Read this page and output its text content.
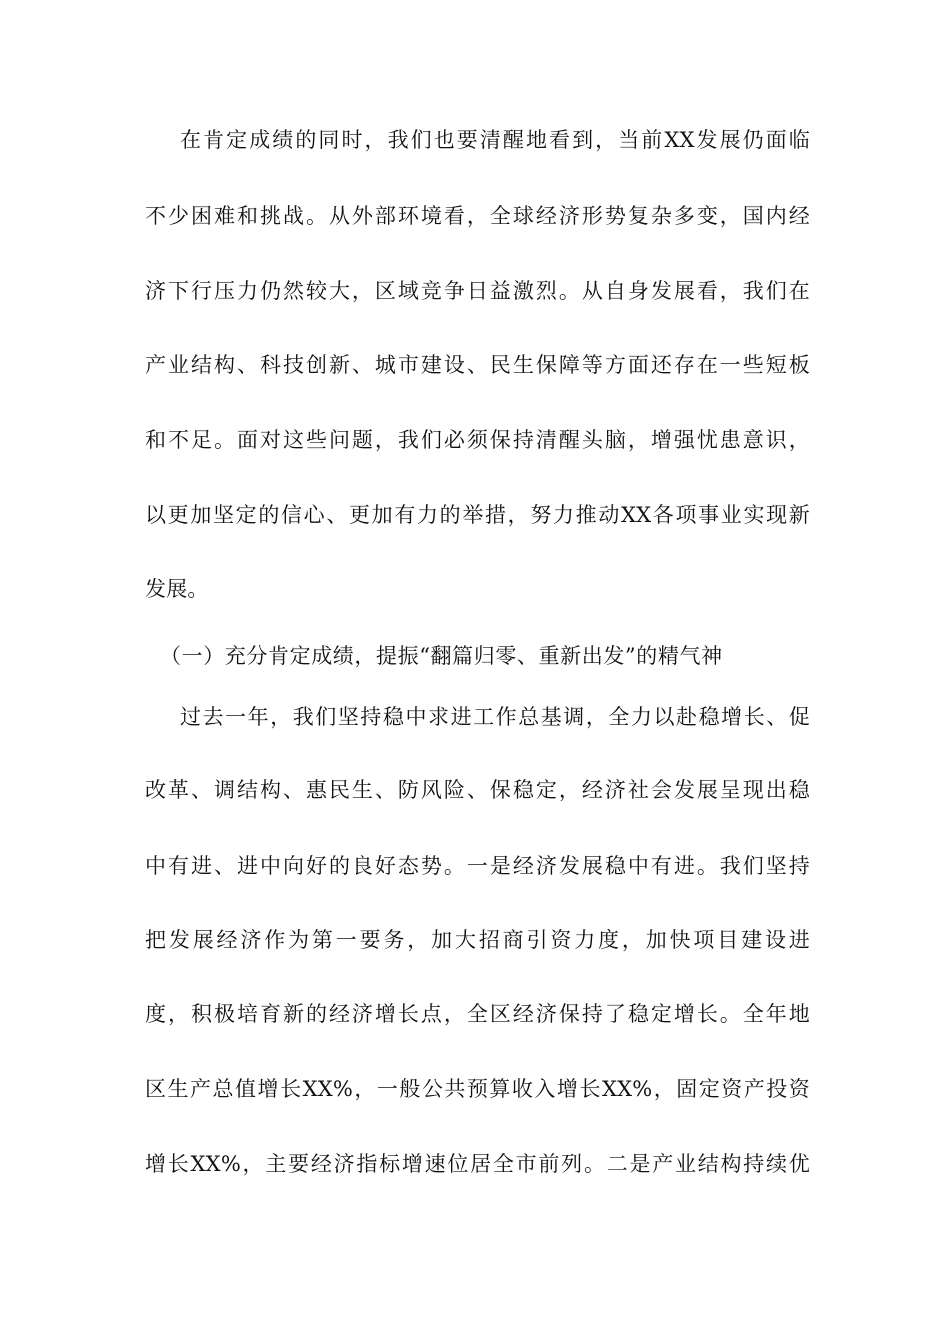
在肯定成绩的同时，我们也要清醒地看到，当前XX发展仍面临
不少困难和挑战。从外部环境看，全球经济形势复杂多变，国内经
济下行压力仍然较大，区域竞争日益激烈。从自身发展看，我们在
产业结构、科技创新、城市建设、民生保障等方面还存在一些短板
和不足。面对这些问题，我们必须保持清醒头脑，增强忧患意识，
以更加坚定的信心、更加有力的举措，努力推动XX各项事业实现新
发展。
（一）充分肯定成绩，提振“翻篇归零、重新出发”的精气神
过去一年，我们坚持稳中求进工作总基调，全力以赴稳增长、促
改革、调结构、惠民生、防风险、保稳定，经济社会发展呈现出稳
中有进、进中向好的良好态势。一是经济发展稳中有进。我们坚持
把发展经济作为第一要务，加大招商引资力度，加快项目建设进
度，积极培育新的经济增长点，全区经济保持了稳定增长。全年地
区生产总值增长XX%，一般公共预算收入增长XX%，固定资产投资
增长XX%，主要经济指标增速位居全市前列。二是产业结构持续优
